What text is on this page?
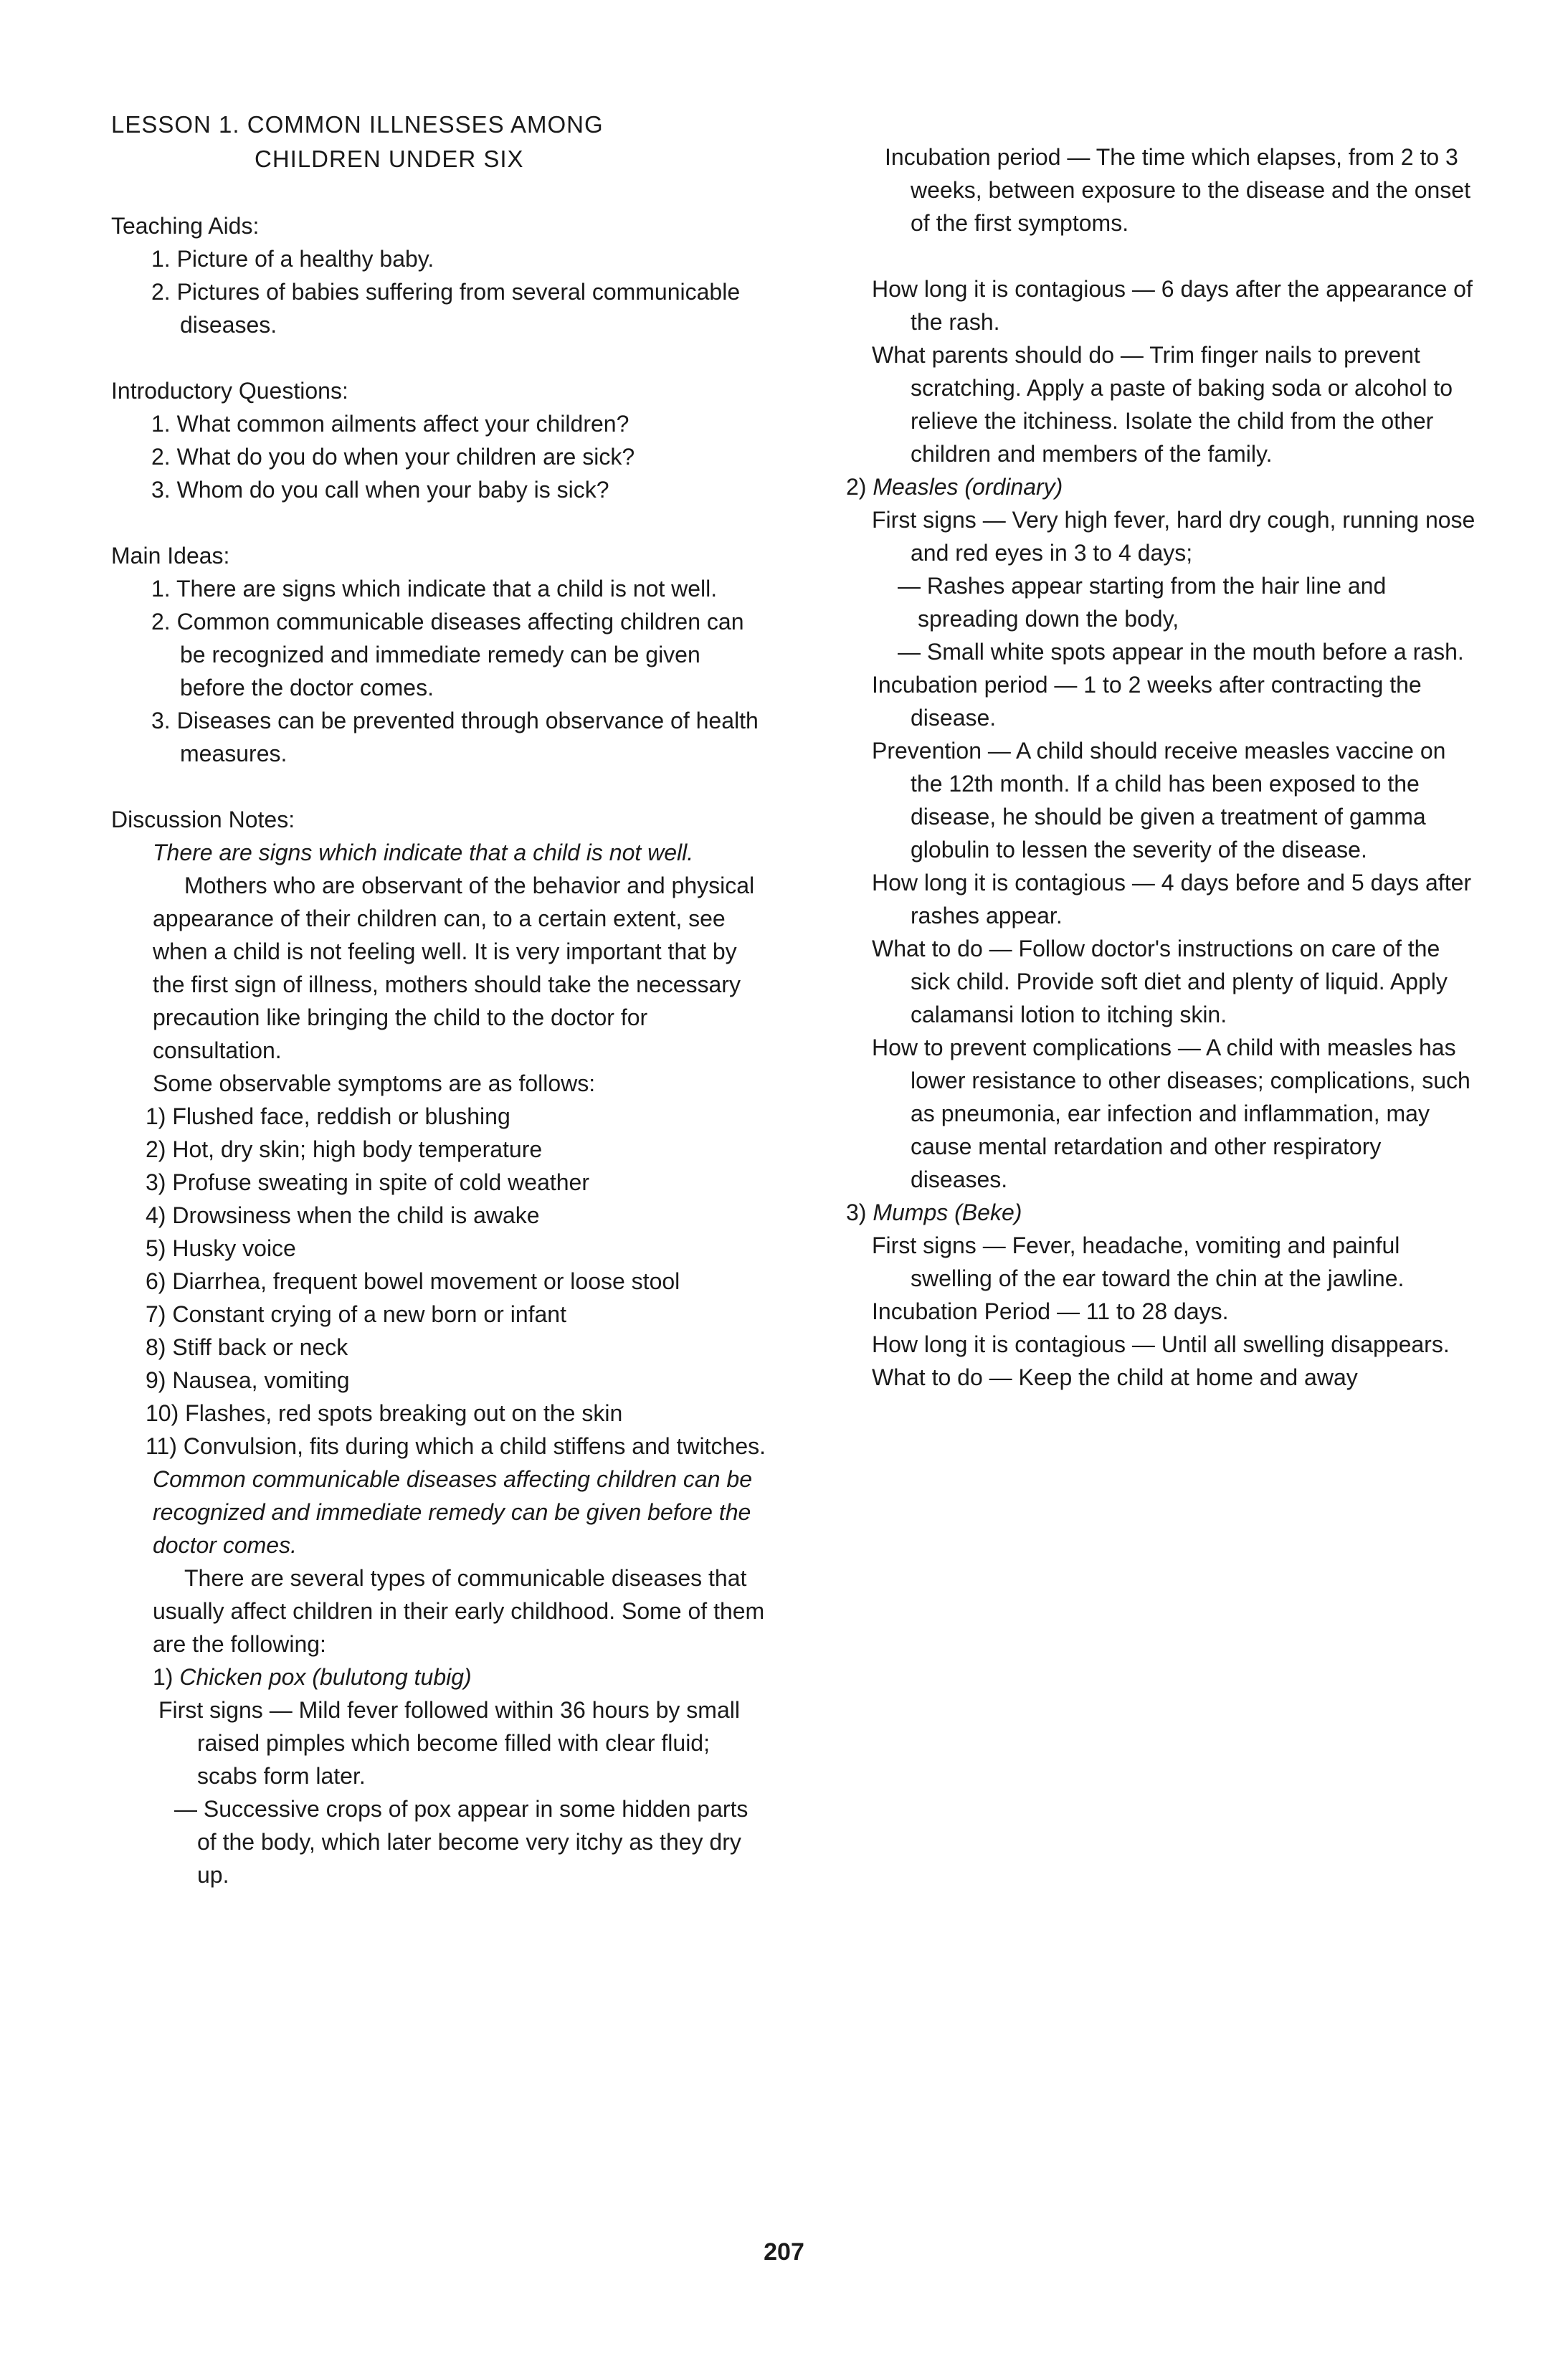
LESSON 1. COMMON ILLNESSES AMONG
CHILDREN UNDER SIX

Teaching Aids:

1. Picture of a healthy baby.
2. Pictures of babies suffering from several communicable diseases.

Introductory Questions:

1. What common ailments affect your children?
2. What do you do when your children are sick?
3. Whom do you call when your baby is sick?

Main Ideas:

1. There are signs which indicate that a child is not well.
2. Common communicable diseases affecting children can be recognized and immediate remedy can be given before the doctor comes.
3. Diseases can be prevented through observance of health measures.

Discussion Notes:

There are signs which indicate that a child is not well.

Mothers who are observant of the behavior and physical appearance of their children can, to a certain extent, see when a child is not feeling well. It is very important that by the first sign of illness, mothers should take the necessary precaution like bringing the child to the doctor for consultation.

Some observable symptoms are as follows:

1) Flushed face, reddish or blushing
2) Hot, dry skin; high body temperature
3) Profuse sweating in spite of cold weather
4) Drowsiness when the child is awake
5) Husky voice
6) Diarrhea, frequent bowel movement or loose stool
7) Constant crying of a new born or infant
8) Stiff back or neck
9) Nausea, vomiting
10) Flashes, red spots breaking out on the skin
11) Convulsion, fits during which a child stiffens and twitches.

Common communicable diseases affecting children can be recognized and immediate remedy can be given before the doctor comes.

There are several types of communicable diseases that usually affect children in their early childhood. Some of them are the following:

1) Chicken pox (bulutong tubig)

First signs — Mild fever followed within 36 hours by small raised pimples which become filled with clear fluid; scabs form later.

— Successive crops of pox appear in some hidden parts of the body, which later become very itchy as they dry up.

Incubation period — The time which elapses, from 2 to 3 weeks, between exposure to the disease and the onset of the first symptoms.

How long it is contagious — 6 days after the appearance of the rash.

What parents should do — Trim finger nails to prevent scratching. Apply a paste of baking soda or alcohol to relieve the itchiness. Isolate the child from the other children and members of the family.

2) Measles (ordinary)

First signs — Very high fever, hard dry cough, running nose and red eyes in 3 to 4 days;

— Rashes appear starting from the hair line and spreading down the body,

— Small white spots appear in the mouth before a rash.

Incubation period — 1 to 2 weeks after contracting the disease.

Prevention — A child should receive measles vaccine on the 12th month. If a child has been exposed to the disease, he should be given a treatment of gamma globulin to lessen the severity of the disease.

How long it is contagious — 4 days before and 5 days after rashes appear.

What to do — Follow doctor's instructions on care of the sick child. Provide soft diet and plenty of liquid. Apply calamansi lotion to itching skin.

How to prevent complications — A child with measles has lower resistance to other diseases; complications, such as pneumonia, ear infection and inflammation, may cause mental retardation and other respiratory diseases.

3) Mumps (Beke)

First signs — Fever, headache, vomiting and painful swelling of the ear toward the chin at the jawline.

Incubation Period — 11 to 28 days.

How long it is contagious — Until all swelling disappears.

What to do — Keep the child at home and away

207
